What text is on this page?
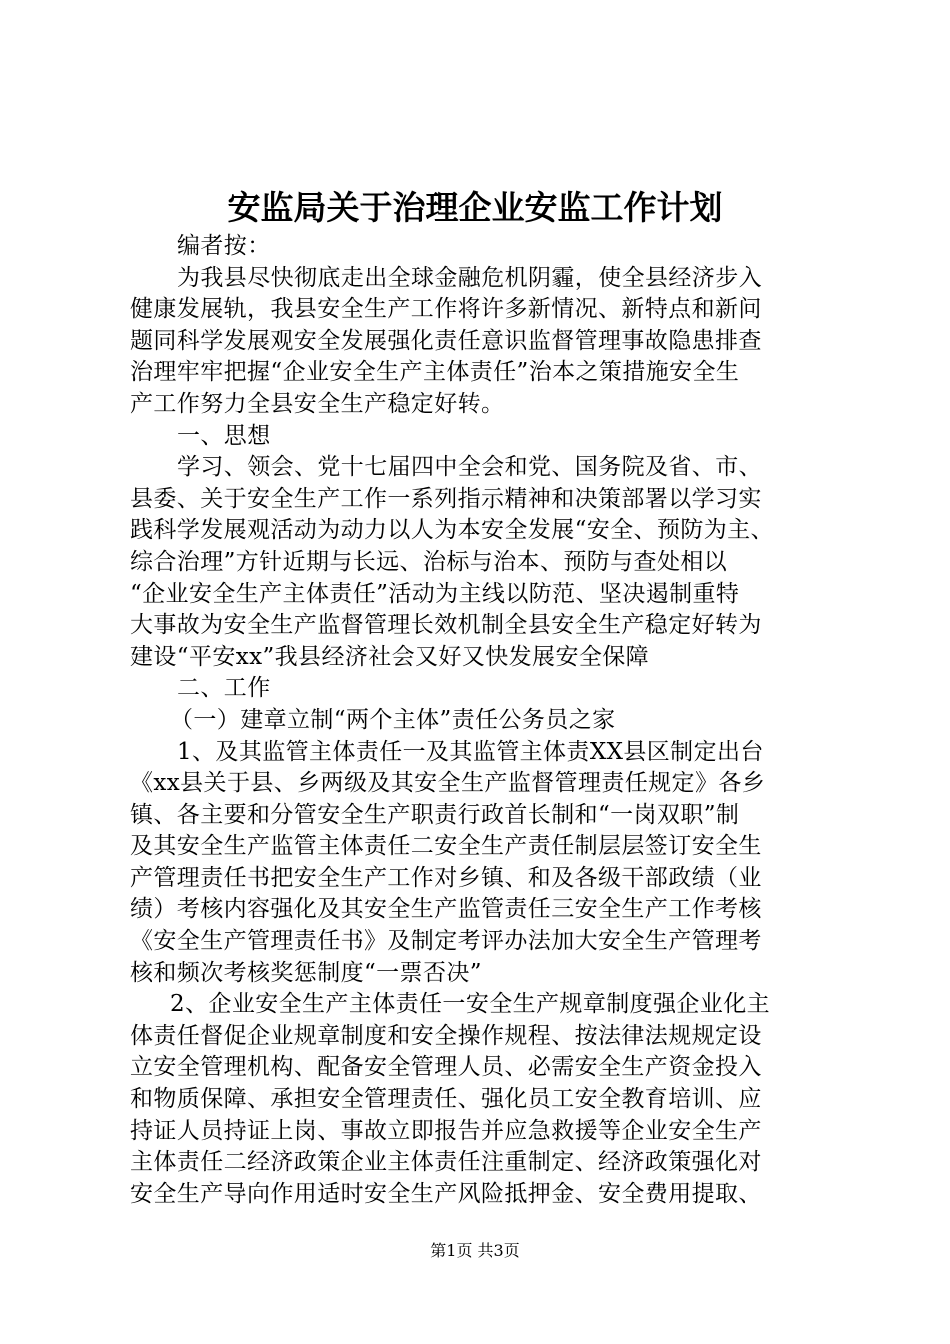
安监局关于治理企业安监工作计划
编者按：
为我县尽快彻底走出全球金融危机阴霾，使全县经济步入
健康发展轨，我县安全生产工作将许多新情况、新特点和新问
题同科学发展观安全发展强化责任意识监督管理事故隐患排查
治理牢牢把握“企业安全生产主体责任”治本之策措施安全生
产工作努力全县安全生产稳定好转。
一、思想
学习、领会、党十七届四中全会和党、国务院及省、市、
县委、关于安全生产工作一系列指示精神和决策部署以学习实
践科学发展观活动为动力以人为本安全发展“安全、预防为主、
综合治理”方针近期与长远、治标与治本、预防与查处相以
“企业安全生产主体责任”活动为主线以防范、坚决遏制重特
大事故为安全生产监督管理长效机制全县安全生产稳定好转为
建设“平安xx”我县经济社会又好又快发展安全保障
二、工作
（一）建章立制“两个主体”责任公务员之家
1、及其监管主体责任一及其监管主体责XX县区制定出台
《xx县关于县、乡两级及其安全生产监督管理责任规定》各乡
镇、各主要和分管安全生产职责行政首长制和“一岗双职”制
及其安全生产监管主体责任二安全生产责任制层层签订安全生
产管理责任书把安全生产工作对乡镇、和及各级干部政绩（业
绩）考核内容强化及其安全生产监管责任三安全生产工作考核
《安全生产管理责任书》及制定考评办法加大安全生产管理考
核和频次考核奖惩制度“一票否决”
2、企业安全生产主体责任一安全生产规章制度强企业化主
体责任督促企业规章制度和安全操作规程、按法律法规规定设
立安全管理机构、配备安全管理人员、必需安全生产资金投入
和物质保障、承担安全管理责任、强化员工安全教育培训、应
持证人员持证上岗、事故立即报告并应急救援等企业安全生产
主体责任二经济政策企业主体责任注重制定、经济政策强化对
安全生产导向作用适时安全生产风险抵押金、安全费用提取、
第1页 共3页
